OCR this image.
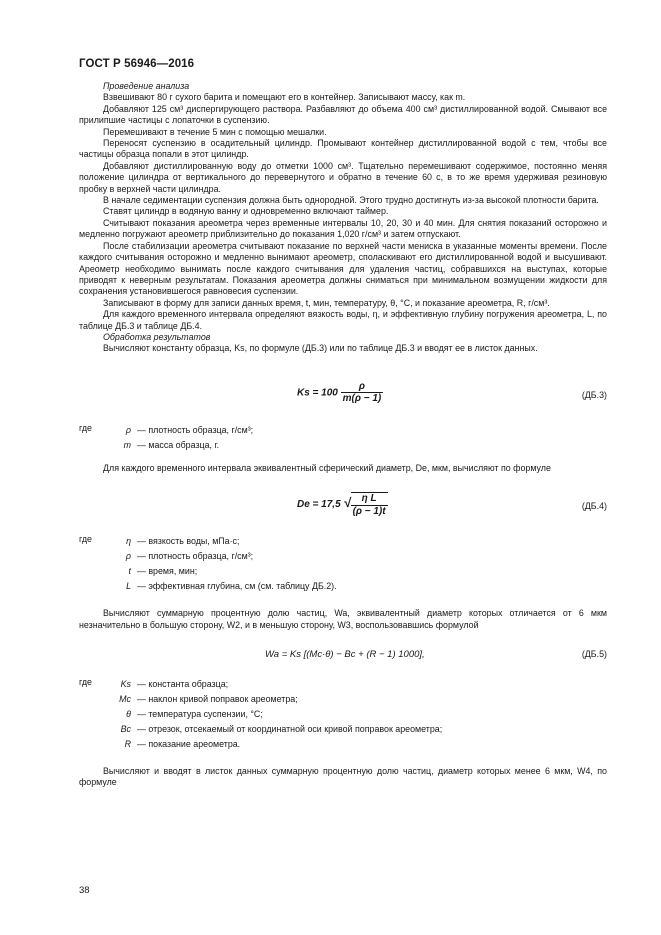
ГОСТ Р 56946—2016

Проведение анализа

Взвешивают 80 г сухого барита и помещают его в контейнер. Записывают массу, как m.

Добавляют 125 см³ диспергирующего раствора. Разбавляют до объема 400 см³ дистиллированной водой. Смывают все прилипшие частицы с лопаточки в суспензию.

Перемешивают в течение 5 мин с помощью мешалки.

Переносят суспензию в осадительный цилиндр. Промывают контейнер дистиллированной водой с тем, чтобы все частицы образца попали в этот цилиндр.

Добавляют дистиллированную воду до отметки 1000 см³. Тщательно перемешивают содержимое, постоянно меняя положение цилиндра от вертикального до перевернутого и обратно в течение 60 с, в то же время удерживая резиновую пробку в верхней части цилиндра.

В начале седиментации суспензия должна быть однородной. Этого трудно достигнуть из-за высокой плотности барита.

Ставят цилиндр в водяную ванну и одновременно включают таймер.

Считывают показания ареометра через временные интервалы 10, 20, 30 и 40 мин. Для снятия показаний осторожно и медленно погружают ареометр приблизительно до показания 1,020 г/см³ и затем отпускают.

После стабилизации ареометра считывают показание по верхней части мениска в указанные моменты времени. После каждого считывания осторожно и медленно вынимают ареометр, споласкивают его дистиллированной водой и высушивают. Ареометр необходимо вынимать после каждого считывания для удаления частиц, собравшихся на выступах, которые приводят к неверным результатам. Показания ареометра должны сниматься при минимальном возмущении жидкости для сохранения установившегося равновесия суспензии.

Записывают в форму для записи данных время, t, мин, температуру, θ, °С, и показание ареометра, R, г/см³.

Для каждого временного интервала определяют вязкость воды, η, и эффективную глубину погружения ареометра, L, по таблице ДБ.3 и таблице ДБ.4.

Обработка результатов

Вычисляют константу образца, Ks, по формуле (ДБ.3) или по таблице ДБ.3 и вводят ее в листок данных.

$Ks = 100 \frac{\rho}{m(\rho - 1)}$	(ДБ.3)
где	ρ — плотность образца, г/см³;
m — масса образца, г.

Для каждого временного интервала эквивалентный сферический диаметр, De, мкм, вычисляют по формуле

De = 17,5 √ $\frac{\text{η L}}{(\rho - 1)t}$	(ДБ.4)
где	η — вязкость воды, мПа·с;
ρ — плотность образца, г/см³;
t — время, мин;
L — эффективная глубина, см (см. таблицу ДБ.2).

Вычисляют суммарную процентную долю частиц, Wa, эквивалентный диаметр которых отличается от 6 мкм незначительно в большую сторону, W2, и в меньшую сторону, W3, воспользовавшись формулой

Wa = Ks [(Mc·θ) − Bc + (R − 1) 1000],	(ДБ.5)
где	Ks — константа образца;
Mc — наклон кривой поправок ареометра;
θ — температура суспензии, °С;
Bc — отрезок, отсекаемый от координатной оси кривой поправок ареометра;
R — показание ареометра.

Вычисляют и вводят в листок данных суммарную процентную долю частиц, диаметр которых менее 6 мкм, W4, по формуле

38
